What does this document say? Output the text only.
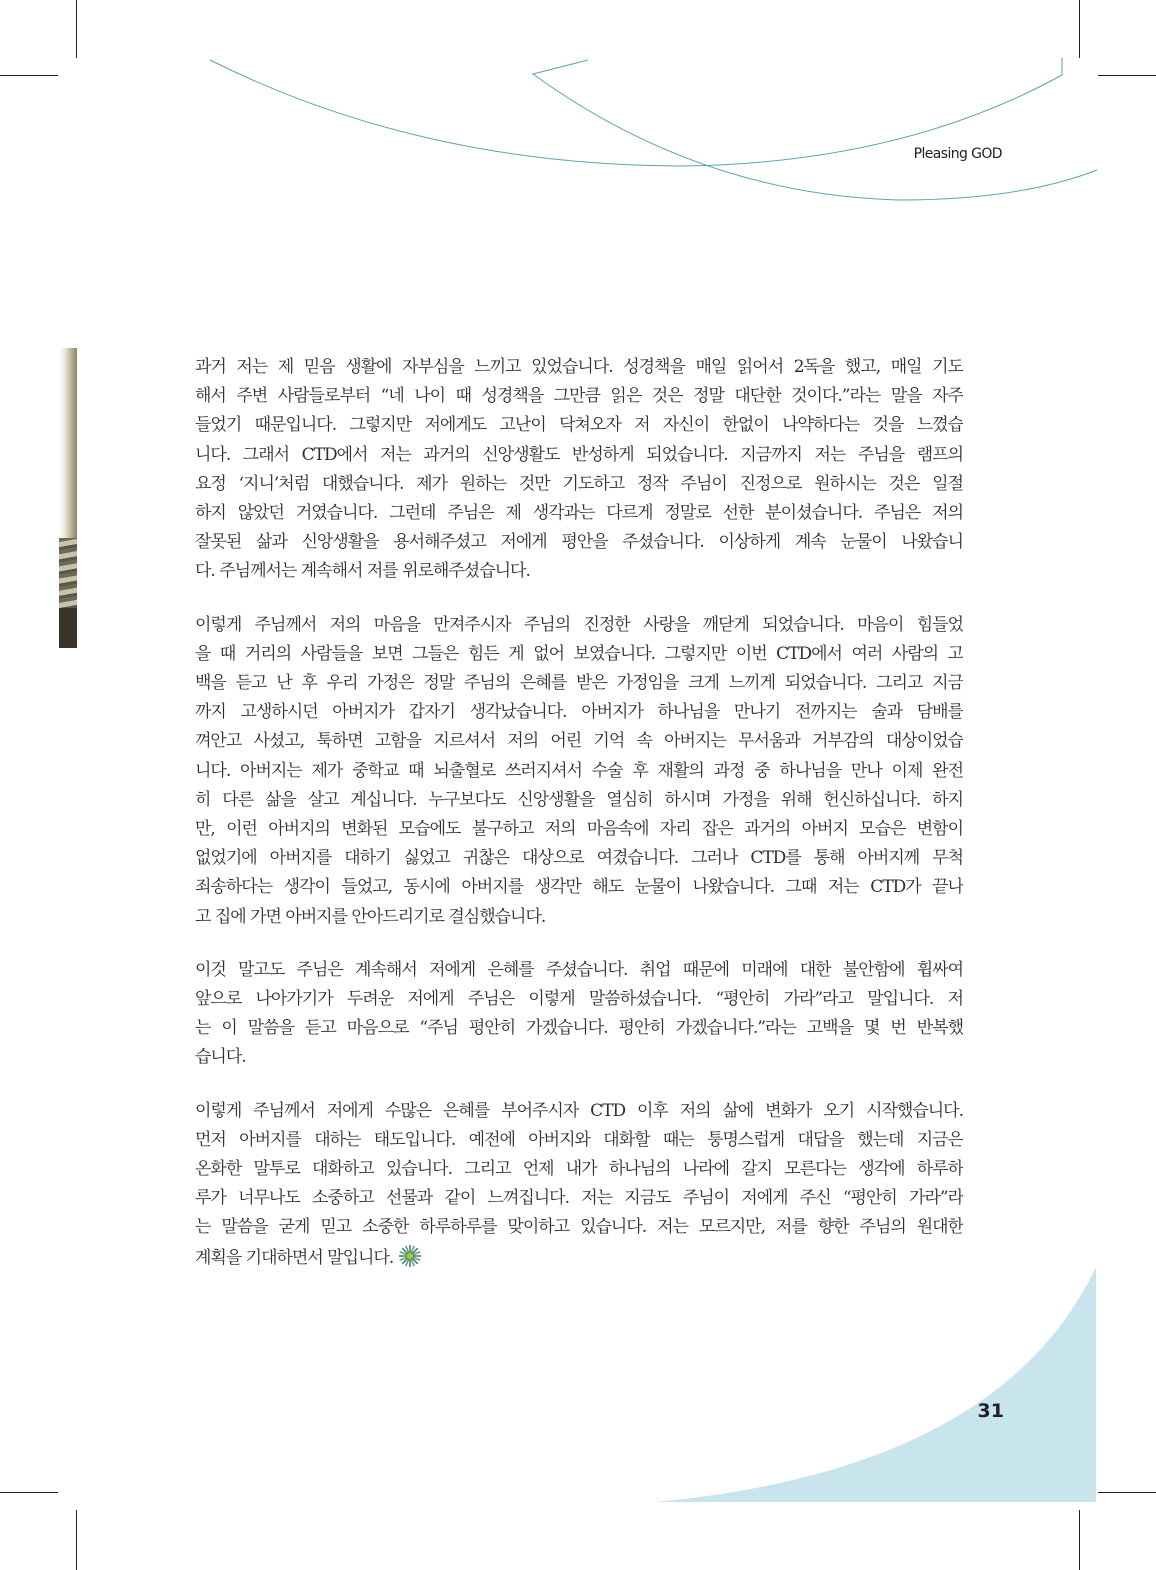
Pleasing GOD
과거 저는 제 믿음 생활에 자부심을 느끼고 있었습니다. 성경책을 매일 읽어서 2독을 했고, 매일 기도
해서 주변 사람들로부터 “네 나이 때 성경책을 그만큼 읽은 것은 정말 대단한 것이다.”라는 말을 자주
들었기 때문입니다. 그렇지만 저에게도 고난이 닥쳐오자 저 자신이 한없이 나약하다는 것을 느꼈습
니다. 그래서 CTD에서 저는 과거의 신앙생활도 반성하게 되었습니다. 지금까지 저는 주님을 램프의
요정 ‘지니’처럼 대했습니다. 제가 원하는 것만 기도하고 정작 주님이 진정으로 원하시는 것은 일절
하지 않았던 거였습니다. 그런데 주님은 제 생각과는 다르게 정말로 선한 분이셨습니다. 주님은 저의
잘못된 삶과 신앙생활을 용서해주셨고 저에게 평안을 주셨습니다. 이상하게 계속 눈물이 나왔습니
다. 주님께서는 계속해서 저를 위로해주셨습니다.
이렇게 주님께서 저의 마음을 만져주시자 주님의 진정한 사랑을 깨닫게 되었습니다. 마음이 힘들었
을 때 거리의 사람들을 보면 그들은 힘든 게 없어 보였습니다. 그렇지만 이번 CTD에서 여러 사람의 고
백을 듣고 난 후 우리 가정은 정말 주님의 은혜를 받은 가정임을 크게 느끼게 되었습니다. 그리고 지금
까지 고생하시던 아버지가 갑자기 생각났습니다. 아버지가 하나님을 만나기 전까지는 술과 담배를
껴안고 사셨고, 툭하면 고함을 지르셔서 저의 어린 기억 속 아버지는 무서움과 거부감의 대상이었습
니다. 아버지는 제가 중학교 때 뇌출혈로 쓰러지셔서 수술 후 재활의 과정 중 하나님을 만나 이제 완전
히 다른 삶을 살고 계십니다. 누구보다도 신앙생활을 열심히 하시며 가정을 위해 헌신하십니다. 하지
만, 이런 아버지의 변화된 모습에도 불구하고 저의 마음속에 자리 잡은 과거의 아버지 모습은 변함이
없었기에 아버지를 대하기 싫었고 귀찮은 대상으로 여겼습니다. 그러나 CTD를 통해 아버지께 무척
죄송하다는 생각이 들었고, 동시에 아버지를 생각만 해도 눈물이 나왔습니다. 그때 저는 CTD가 끝나
고 집에 가면 아버지를 안아드리기로 결심했습니다.
이것 말고도 주님은 계속해서 저에게 은혜를 주셨습니다. 취업 때문에 미래에 대한 불안함에 휩싸여
앞으로 나아가기가 두려운 저에게 주님은 이렇게 말씀하셨습니다. “평안히 가라”라고 말입니다. 저
는 이 말씀을 듣고 마음으로 “주님 평안히 가겠습니다. 평안히 가겠습니다.”라는 고백을 몇 번 반복했
습니다.
이렇게 주님께서 저에게 수많은 은혜를 부어주시자 CTD 이후 저의 삶에 변화가 오기 시작했습니다.
먼저 아버지를 대하는 태도입니다. 예전에 아버지와 대화할 때는 퉁명스럽게 대답을 했는데 지금은
온화한 말투로 대화하고 있습니다. 그리고 언제 내가 하나님의 나라에 갈지 모른다는 생각에 하루하
루가 너무나도 소중하고 선물과 같이 느껴집니다. 저는 지금도 주님이 저에게 주신 “평안히 가라”라
는 말씀을 굳게 믿고 소중한 하루하루를 맞이하고 있습니다. 저는 모르지만, 저를 향한 주님의 원대한
계획을 기대하면서 말입니다.
31
